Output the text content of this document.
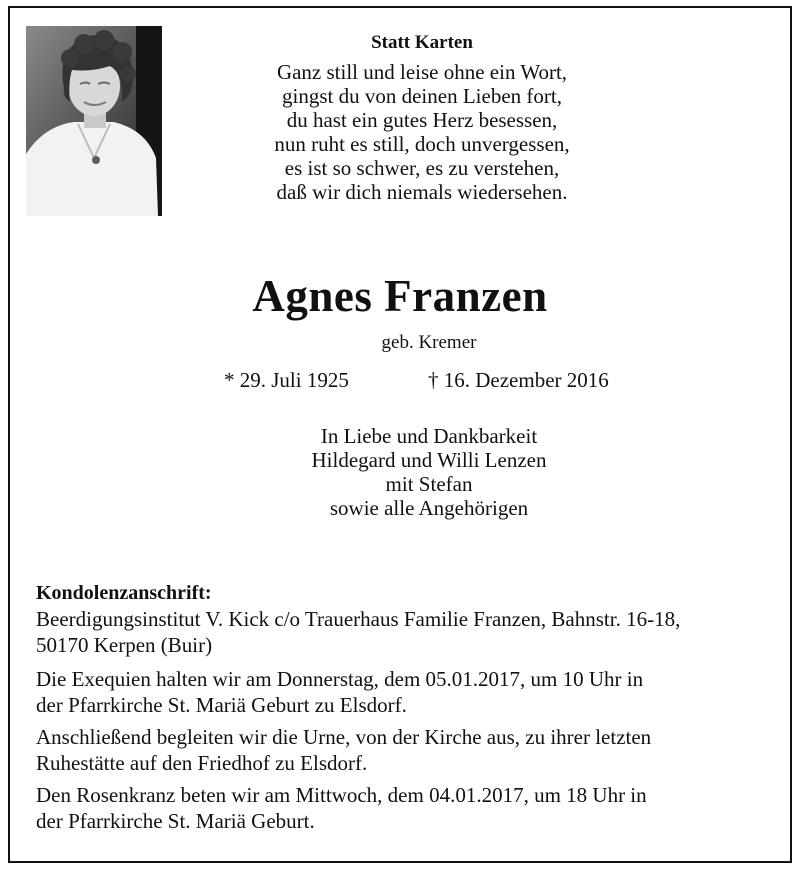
Statt Karten
Ganz still und leise ohne ein Wort,
gingst du von deinen Lieben fort,
du hast ein gutes Herz besessen,
nun ruht es still, doch unvergessen,
es ist so schwer, es zu verstehen,
daß wir dich niemals wiedersehen.
Agnes Franzen
geb. Kremer
* 29. Juli 1925	† 16. Dezember 2016
In Liebe und Dankbarkeit
Hildegard und Willi Lenzen
mit Stefan
sowie alle Angehörigen
Kondolenzanschrift:
Beerdigungsinstitut V. Kick c/o Trauerhaus Familie Franzen, Bahnstr. 16-18,
50170 Kerpen (Buir)
Die Exequien halten wir am Donnerstag, dem 05.01.2017, um 10 Uhr in
der Pfarrkirche St. Mariä Geburt zu Elsdorf.
Anschließend begleiten wir die Urne, von der Kirche aus, zu ihrer letzten
Ruhestätte auf den Friedhof zu Elsdorf.
Den Rosenkranz beten wir am Mittwoch, dem 04.01.2017, um 18 Uhr in
der Pfarrkirche St. Mariä Geburt.
